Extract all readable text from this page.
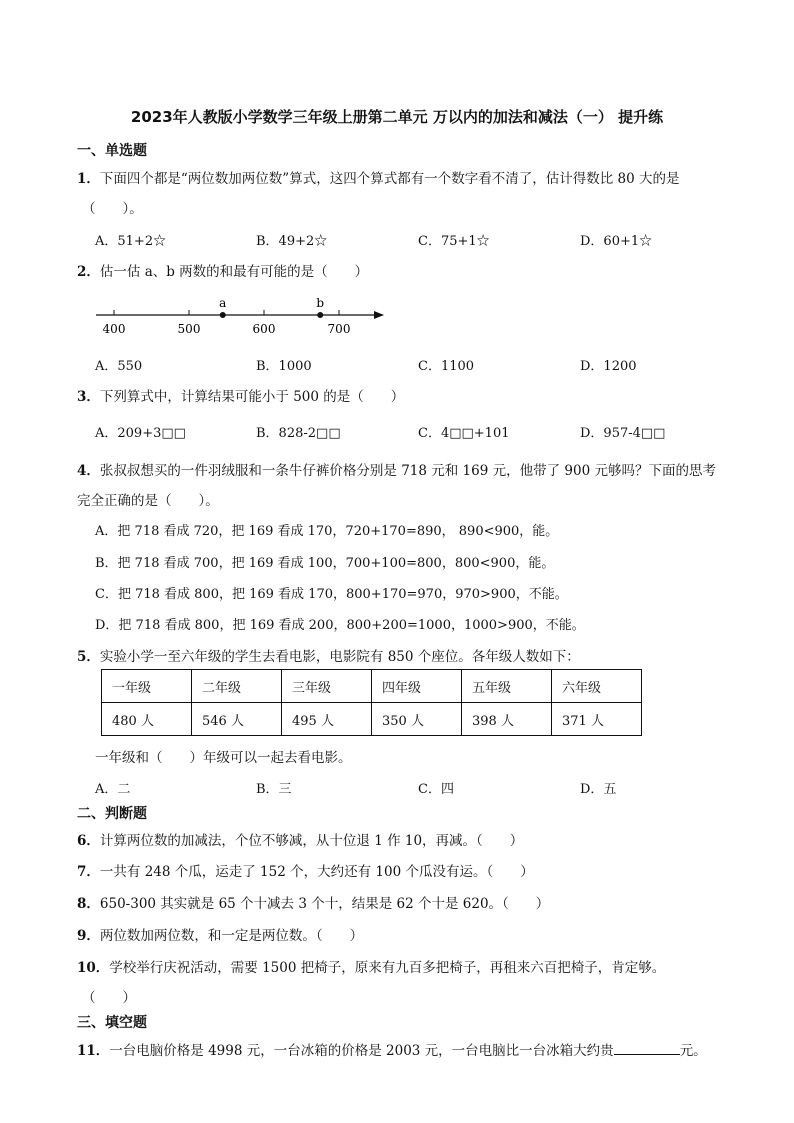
2023年人教版小学数学三年级上册第二单元 万以内的加法和减法（一） 提升练
一、单选题
1．下面四个都是“两位数加两位数”算式，这四个算式都有一个数字看不清了，估计得数比 80 大的是
（　　）。
A．51+2☆	B．49+2☆	C．75+1☆	D．60+1☆
2．估一估 a、b 两数的和最有可能的是（　　）
400	500	600	700
a	b
A．550	B．1000	C．1100	D．1200
3．下列算式中，计算结果可能小于 500 的是（　　）
A．209+3□□	B．828-2□□	C．4□□+101	D．957-4□□
4．张叔叔想买的一件羽绒服和一条牛仔裤价格分别是 718 元和 169 元，他带了 900 元够吗？下面的思考
完全正确的是（　　）。
A．把 718 看成 720，把 169 看成 170，720+170=890， 890<900，能。
B．把 718 看成 700，把 169 看成 100，700+100=800，800<900，能。
C．把 718 看成 800，把 169 看成 170，800+170=970，970>900，不能。
D．把 718 看成 800，把 169 看成 200，800+200=1000，1000>900，不能。
5．实验小学一至六年级的学生去看电影，电影院有 850 个座位。各年级人数如下：
一年级	二年级	三年级	四年级	五年级	六年级
480 人	546 人	495 人	350 人	398 人	371 人
一年级和（　　）年级可以一起去看电影。
A．二	B．三	C．四	D．五
二、判断题
6．计算两位数的加减法，个位不够减，从十位退 1 作 10，再减。（　　）
7．一共有 248 个瓜，运走了 152 个，大约还有 100 个瓜没有运。（　　）
8．650-300 其实就是 65 个十减去 3 个十，结果是 62 个十是 620。（　　）
9．两位数加两位数，和一定是两位数。（　　）
10．学校举行庆祝活动，需要 1500 把椅子，原来有九百多把椅子，再租来六百把椅子，肯定够。
（　　）
三、填空题
11．一台电脑价格是 4998 元，一台冰箱的价格是 2003 元，一台电脑比一台冰箱大约贵	元。
